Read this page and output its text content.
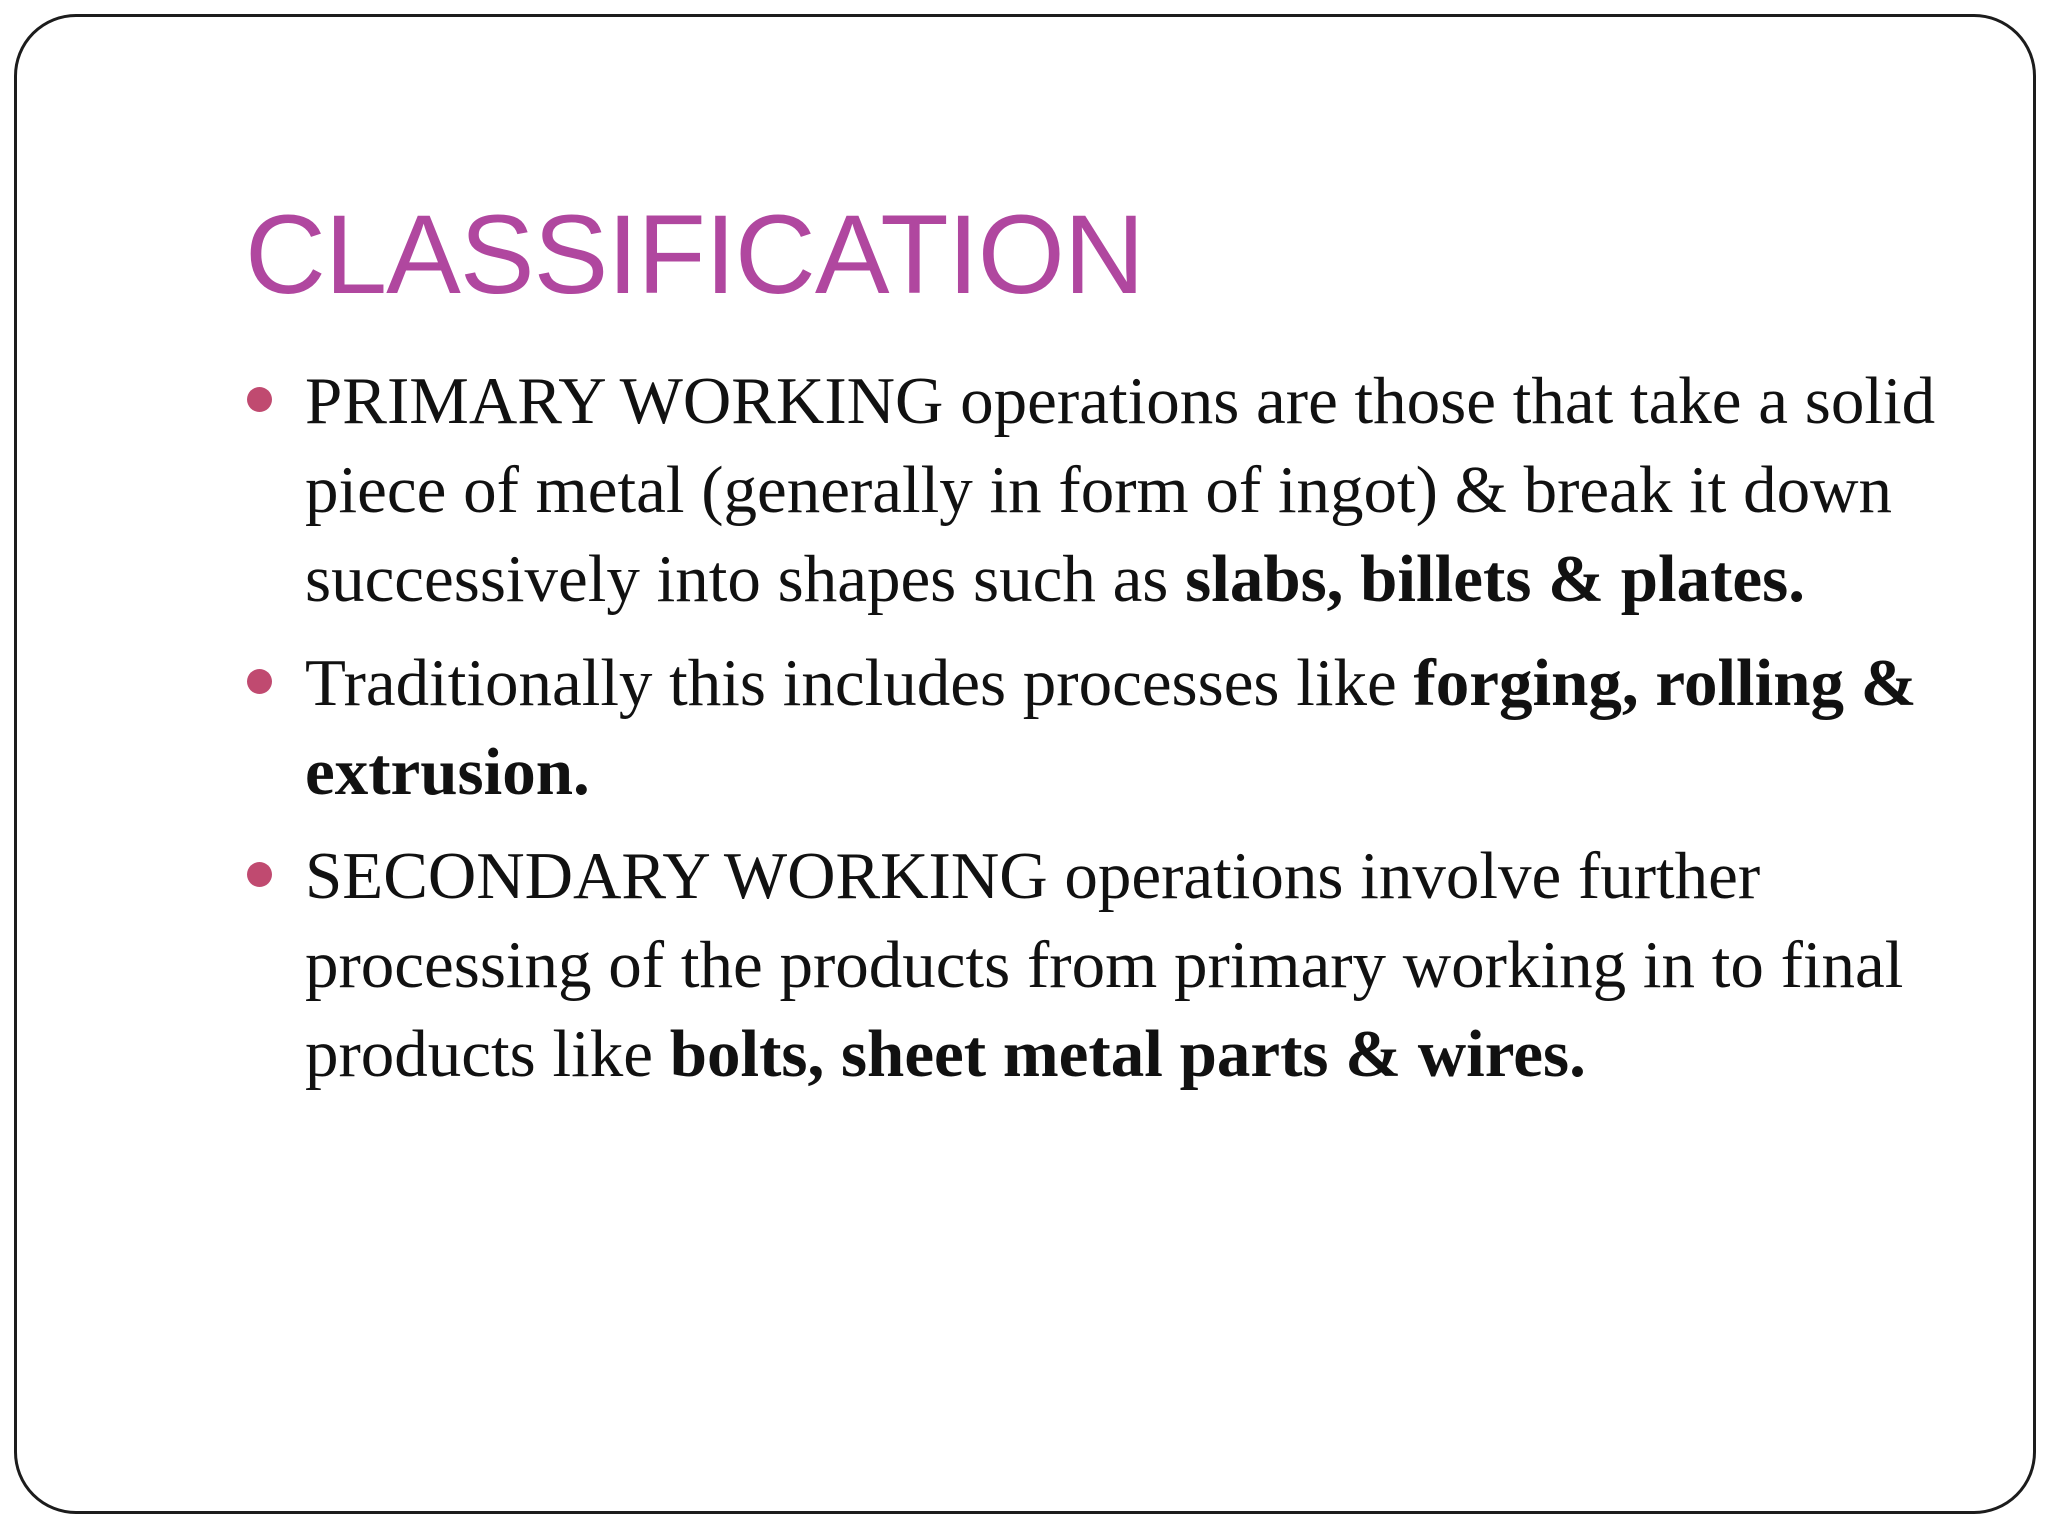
CLASSIFICATION
PRIMARY WORKING operations are those that take a solid piece of metal (generally in form of ingot) & break it down successively into shapes such as slabs, billets & plates.
Traditionally this includes processes like forging, rolling & extrusion.
SECONDARY WORKING operations involve further processing of the products from primary working in to final products like bolts, sheet metal parts & wires.
